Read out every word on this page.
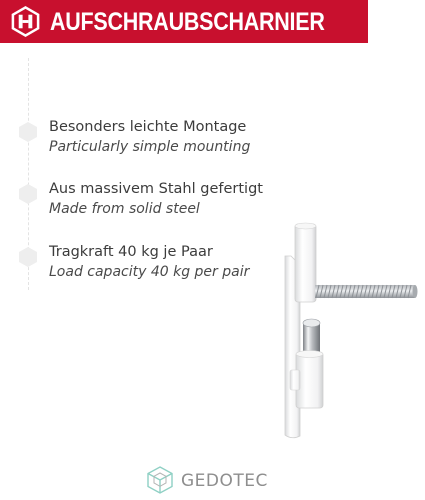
AUFSCHRAUBSCHARNIER
Besonders leichte Montage
Particularly simple mounting
Aus massivem Stahl gefertigt
Made from solid steel
Tragkraft 40 kg je Paar
Load capacity 40 kg per pair
GEDOTEC
